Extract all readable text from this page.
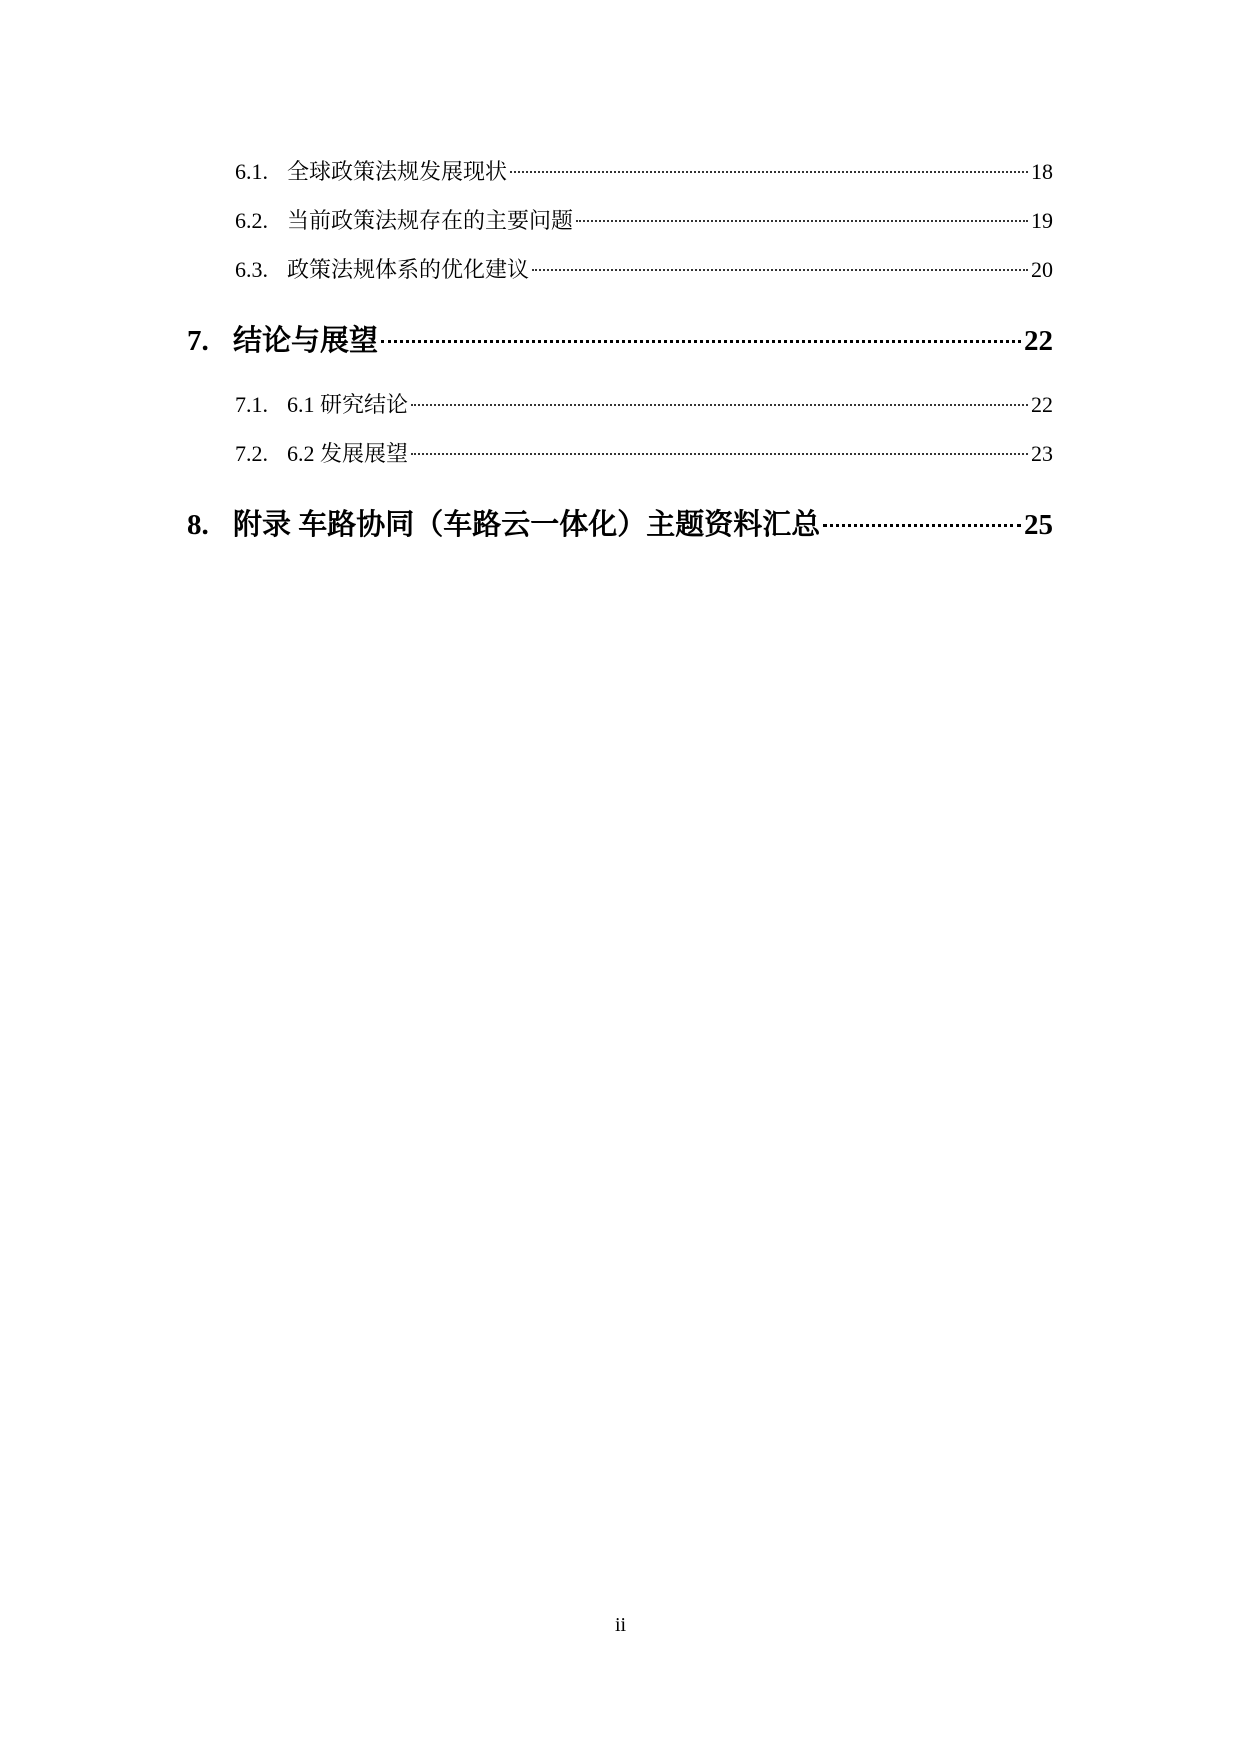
6.1. 全球政策法规发展现状	18
6.2. 当前政策法规存在的主要问题	19
6.3. 政策法规体系的优化建议	20
7. 结论与展望	22
7.1. 6.1 研究结论	22
7.2. 6.2 发展展望	23
8. 附录 车路协同（车路云一体化）主题资料汇总	25
ii
